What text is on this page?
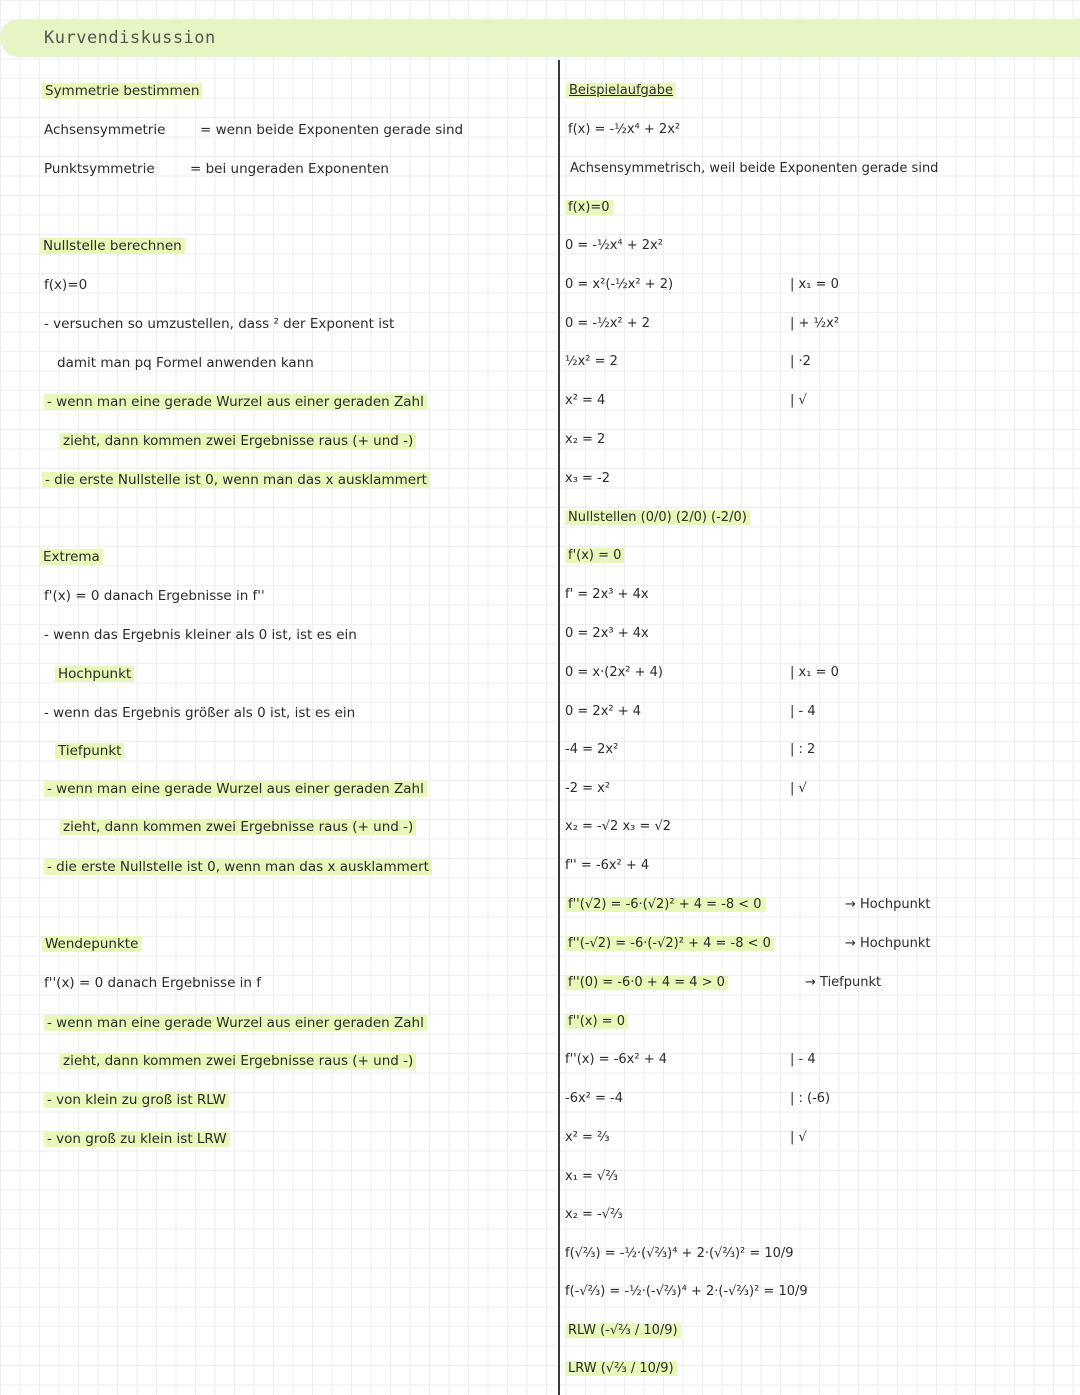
Kurvendiskussion
Symmetrie bestimmen
Achsensymmetrie	= wenn beide Exponenten gerade sind
Punktsymmetrie	= bei ungeraden Exponenten
Nullstelle berechnen
f(x)=0
- versuchen so umzustellen, dass ² der Exponent ist
damit man pq Formel anwenden kann
- wenn man eine gerade Wurzel aus einer geraden Zahl
zieht, dann kommen zwei Ergebnisse raus (+ und -)
- die erste Nullstelle ist 0, wenn man das x ausklammert
Extrema
f'(x) = 0 danach Ergebnisse in f''
- wenn das Ergebnis kleiner als 0 ist, ist es ein
Hochpunkt
- wenn das Ergebnis größer als 0 ist, ist es ein
Tiefpunkt
- wenn man eine gerade Wurzel aus einer geraden Zahl
zieht, dann kommen zwei Ergebnisse raus (+ und -)
- die erste Nullstelle ist 0, wenn man das x ausklammert
Wendepunkte
f''(x) = 0 danach Ergebnisse in f
- wenn man eine gerade Wurzel aus einer geraden Zahl
zieht, dann kommen zwei Ergebnisse raus (+ und -)
- von klein zu groß ist RLW
- von groß zu klein ist LRW
Beispielaufgabe
f(x) = -½x⁴ + 2x²
Achsensymmetrisch, weil beide Exponenten gerade sind
f(x)=0
0 = -½x⁴ + 2x²
0 = x²(-½x² + 2)
0 = -½x² + 2
½x² = 2
x² = 4
x₂ = 2
x₃ = -2
| x₁ = 0
| + ½x²
| ·2
| √
Nullstellen (0/0) (2/0) (-2/0)
f'(x) = 0
f' = 2x³ + 4x
0 = 2x³ + 4x
0 = x·(2x² + 4)
0 = 2x² + 4
-4 = 2x²
-2 = x²
x₂ = -√2 x₃ = √2
f'' = -6x² + 4
f''(√2) = -6·(√2)² + 4 = -8 < 0
f''(-√2) = -6·(-√2)² + 4 = -8 < 0
f''(0) = -6·0 + 4 = 4 > 0
| x₁ = 0
| - 4
| : 2
| √
→ Hochpunkt
→ Hochpunkt
→ Tiefpunkt
f''(x) = 0
f''(x) = -6x² + 4
-6x² = -4
x² = ⅔
x₁ = √⅔
x₂ = -√⅔
f(√⅔) = -½·(√⅔)⁴ + 2·(√⅔)² = 10/9
f(-√⅔) = -½·(-√⅔)⁴ + 2·(-√⅔)² = 10/9
| - 4
| : (-6)
| √
RLW (-√⅔ / 10/9)
LRW (√⅔ / 10/9)
